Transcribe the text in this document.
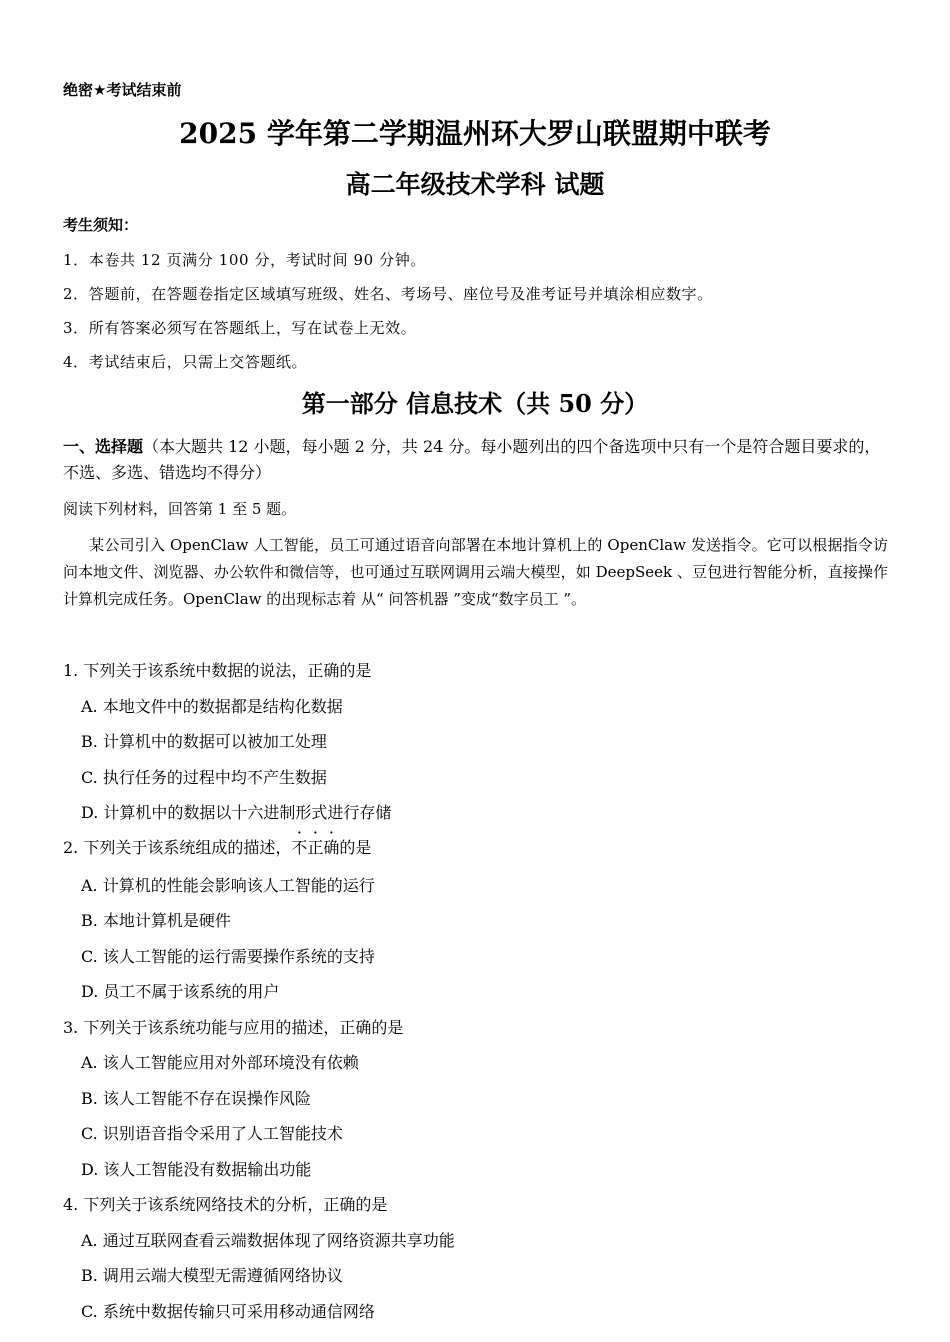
绝密★考试结束前
2025 学年第二学期温州环大罗山联盟期中联考
高二年级技术学科 试题
考生须知：
1．本卷共 12 页满分 100 分，考试时间 90 分钟。
2．答题前，在答题卷指定区域填写班级、姓名、考场号、座位号及准考证号并填涂相应数字。
3．所有答案必须写在答题纸上，写在试卷上无效。
4．考试结束后，只需上交答题纸。
第一部分 信息技术（共 50 分）
一、选择题（本大题共 12 小题，每小题 2 分，共 24 分。每小题列出的四个备选项中只有一个是符合题目要求的，不选、多选、错选均不得分）
阅读下列材料，回答第 1 至 5 题。
某公司引入 OpenClaw 人工智能，员工可通过语音向部署在本地计算机上的 OpenClaw 发送指令。它可以根据指令访问本地文件、浏览器、办公软件和微信等，也可通过互联网调用云端大模型，如 DeepSeek 、豆包进行智能分析，直接操作计算机完成任务。OpenClaw 的出现标志着 从“ 问答机器 ”变成“数字员工 ”。
1. 下列关于该系统中数据的说法，正确的是
A. 本地文件中的数据都是结构化数据
B. 计算机中的数据可以被加工处理
C. 执行任务的过程中均不产生数据
D. 计算机中的数据以十六进制形式进行存储
2. 下列关于该系统组成的描述，不正确的是
A. 计算机的性能会影响该人工智能的运行
B. 本地计算机是硬件
C. 该人工智能的运行需要操作系统的支持
D. 员工不属于该系统的用户
3. 下列关于该系统功能与应用的描述，正确的是
A. 该人工智能应用对外部环境没有依赖
B. 该人工智能不存在误操作风险
C. 识别语音指令采用了人工智能技术
D. 该人工智能没有数据输出功能
4. 下列关于该系统网络技术的分析，正确的是
A. 通过互联网查看云端数据体现了网络资源共享功能
B. 调用云端大模型无需遵循网络协议
C. 系统中数据传输只可采用移动通信网络
